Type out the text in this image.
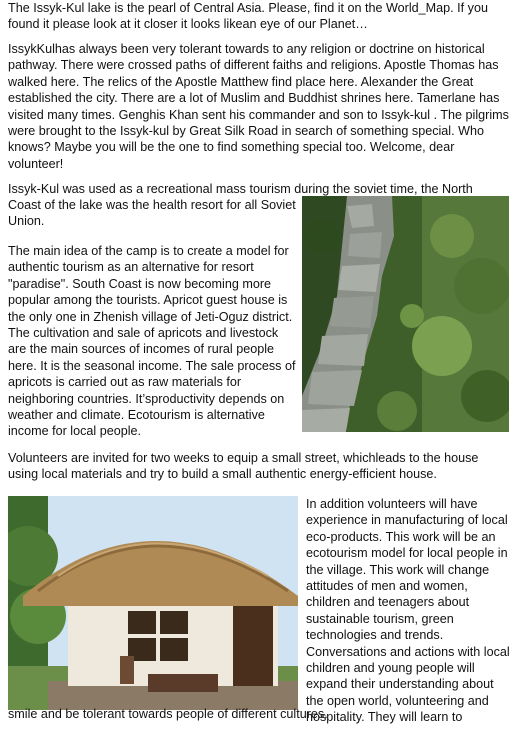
The Issyk-Kul lake is the pearl of Central Asia. Please, find it on the World_Map. If you found it please look at it closer it looks likean eye of our Planet…

IssykKulhas always been very tolerant towards to any religion or doctrine on historical pathway. There were crossed paths of different faiths and religions. Apostle Thomas has walked here. The relics of the Apostle Matthew find place here. Alexander the Great established the city. There are a lot of Muslim and Buddhist shrines here. Tamerlane has visited many times. Genghis Khan sent his commander and son to Issyk-kul . The pilgrims were brought to the Issyk-kul by Great Silk Road in search of something special. Who knows? Maybe you will be the one to find something special too. Welcome, dear volunteer!

Issyk-Kul was used as a recreational mass tourism during the soviet time, the North

Coast of the lake was the health resort for all Soviet Union.

The main idea of the camp is to create a model for authentic tourism as an alternative for resort "paradise". South Coast is now becoming more popular among the tourists. Apricot guest house is the only one in Zhenish village of Jeti-Oguz district. The cultivation and sale of apricots and livestock are the main sources of incomes of rural people here. It is the seasonal income. The sale process of apricots is carried out as raw materials for neighboring countries. It’sproductivity depends on weather and climate. Ecotourism is alternative income for local people.

Volunteers are invited for two weeks to equip a small street, whichleads to the house using local materials and try to build a small authentic energy-efficient house.

In addition volunteers will have experience in manufacturing of local eco-products. This work will be an ecotourism model for local people in the village. This work will change attitudes of men and women, children and teenagers about sustainable tourism, green technologies and trends. Conversations and actions with local children and young people will expand their understanding about the open world, volunteering and hospitality. They will learn to

smile and be tolerant towards people of different cultures.
